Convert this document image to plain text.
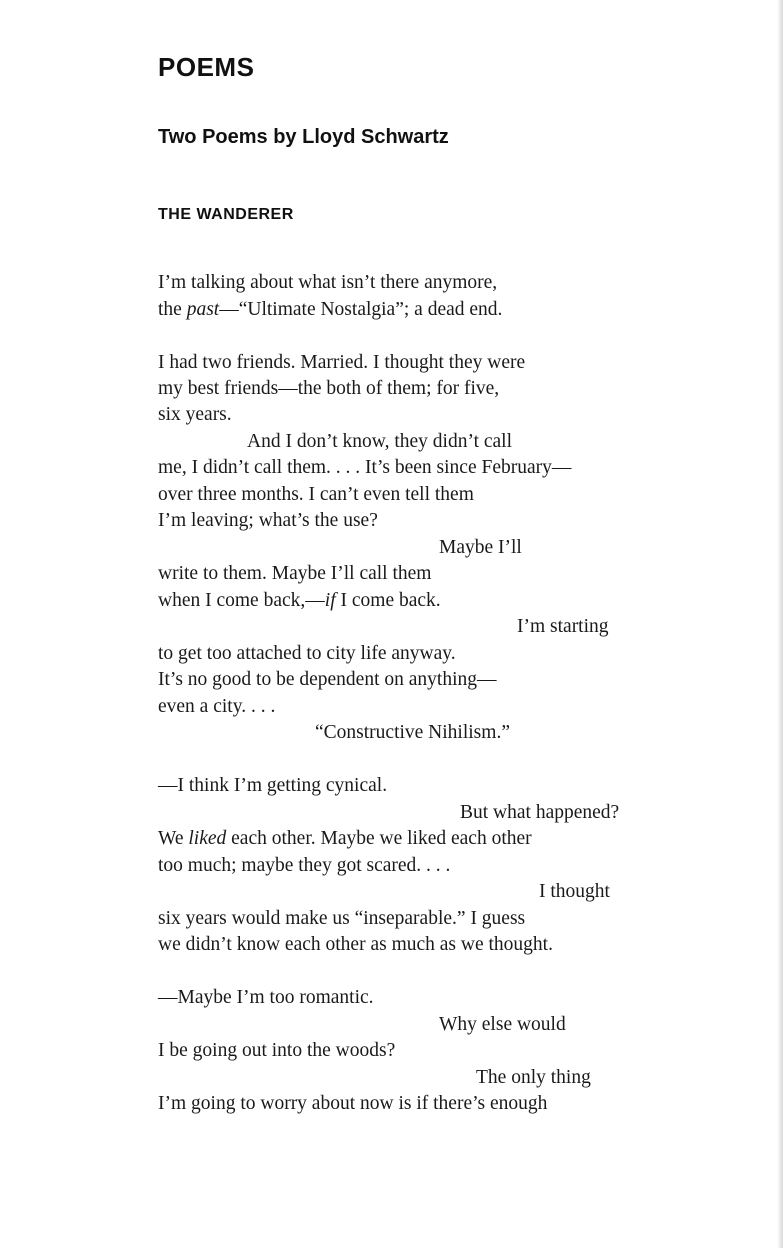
POEMS
Two Poems by Lloyd Schwartz
THE WANDERER
I’m talking about what isn’t there anymore,
the past—“Ultimate Nostalgia”; a dead end.
I had two friends. Married. I thought they were
my best friends—the both of them; for five,
six years.
And I don’t know, they didn’t call
me, I didn’t call them. . . . It’s been since February—
over three months. I can’t even tell them
I’m leaving; what’s the use?
Maybe I’ll
write to them. Maybe I’ll call them
when I come back,—if I come back.
I’m starting
to get too attached to city life anyway.
It’s no good to be dependent on anything—
even a city. . . .
“Constructive Nihilism.”
—I think I’m getting cynical.
But what happened?
We liked each other. Maybe we liked each other
too much; maybe they got scared. . . .
I thought
six years would make us “inseparable.” I guess
we didn’t know each other as much as we thought.
—Maybe I’m too romantic.
Why else would
I be going out into the woods?
The only thing
I’m going to worry about now is if there’s enough
